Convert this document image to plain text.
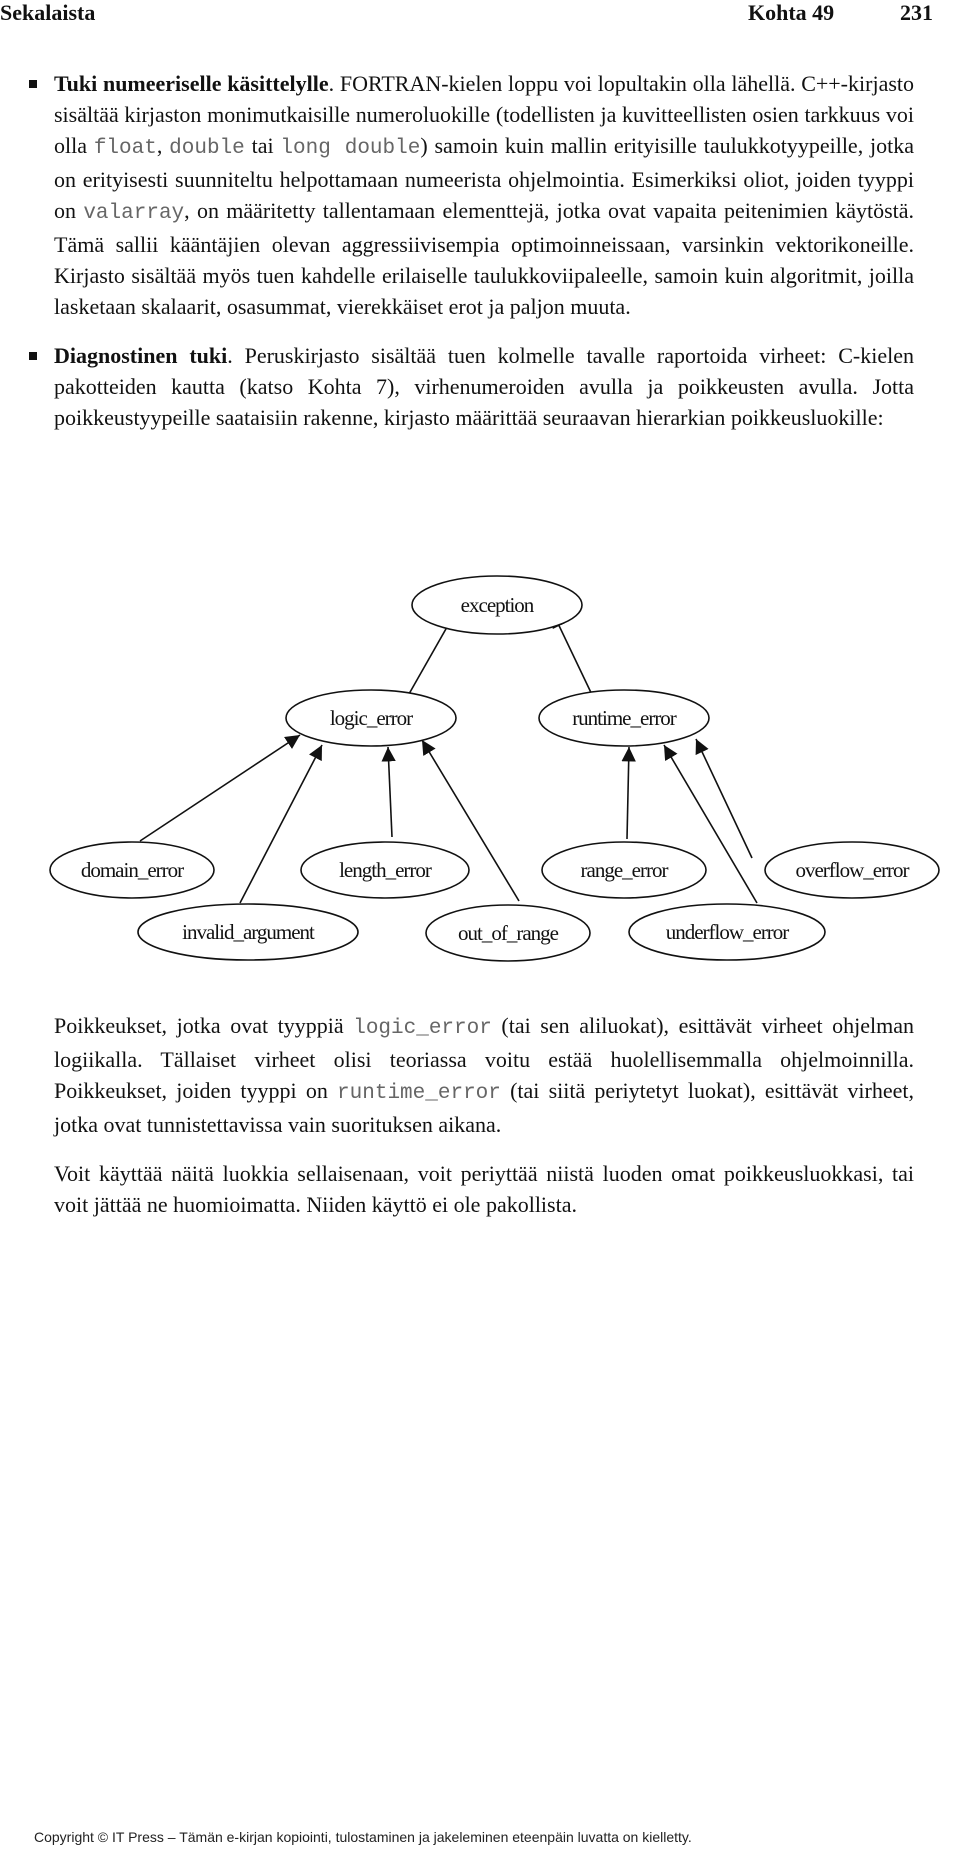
Sekalaista	Kohta 49	231
Tuki numeeriselle käsittelylle. FORTRAN-kielen loppu voi lopultakin olla lähellä. C++-kirjasto sisältää kirjaston monimutkaisille numeroluokille (todellisten ja kuvitteellisten osien tarkkuus voi olla float, double tai long double) samoin kuin mallin erityisille taulukkotyypeille, jotka on erityisesti suunniteltu helpottamaan numeerista ohjelmointia. Esimerkiksi oliot, joiden tyyppi on valarray, on määritetty tallentamaan elementtejä, jotka ovat vapaita peitenimien käytöstä. Tämä sallii kääntäjien olevan aggressiivisempia optimoinneissaan, varsinkin vektorikoneille. Kirjasto sisältää myös tuen kahdelle erilaiselle taulukkoviipaleelle, samoin kuin algoritmit, joilla lasketaan skalaarit, osasummat, vierekkäiset erot ja paljon muuta.
Diagnostinen tuki. Peruskirjasto sisältää tuen kolmelle tavalle raportoida virheet: C-kielen pakotteiden kautta (katso Kohta 7), virhenumeroiden avulla ja poikkeusten avulla. Jotta poikkeustyypeille saataisiin rakenne, kirjasto määrittää seuraavan hierarkian poikkeusluokille:
exception
logic_error	runtime_error
domain_error	length_error	range_error	overflow_error
invalid_argument	out_of_range	underflow_error

Poikkeukset, jotka ovat tyyppiä logic_error (tai sen aliluokat), esittävät virheet ohjelman logiikalla. Tällaiset virheet olisi teoriassa voitu estää huolellisemmalla ohjelmoinnilla. Poikkeukset, joiden tyyppi on runtime_error (tai siitä periytetyt luokat), esittävät virheet, jotka ovat tunnistettavissa vain suorituksen aikana.

Voit käyttää näitä luokkia sellaisenaan, voit periyttää niistä luoden omat poikkeusluokkasi, tai voit jättää ne huomioimatta. Niiden käyttö ei ole pakollista.

Copyright © IT Press – Tämän e-kirjan kopiointi, tulostaminen ja jakeleminen eteenpäin luvatta on kielletty.
